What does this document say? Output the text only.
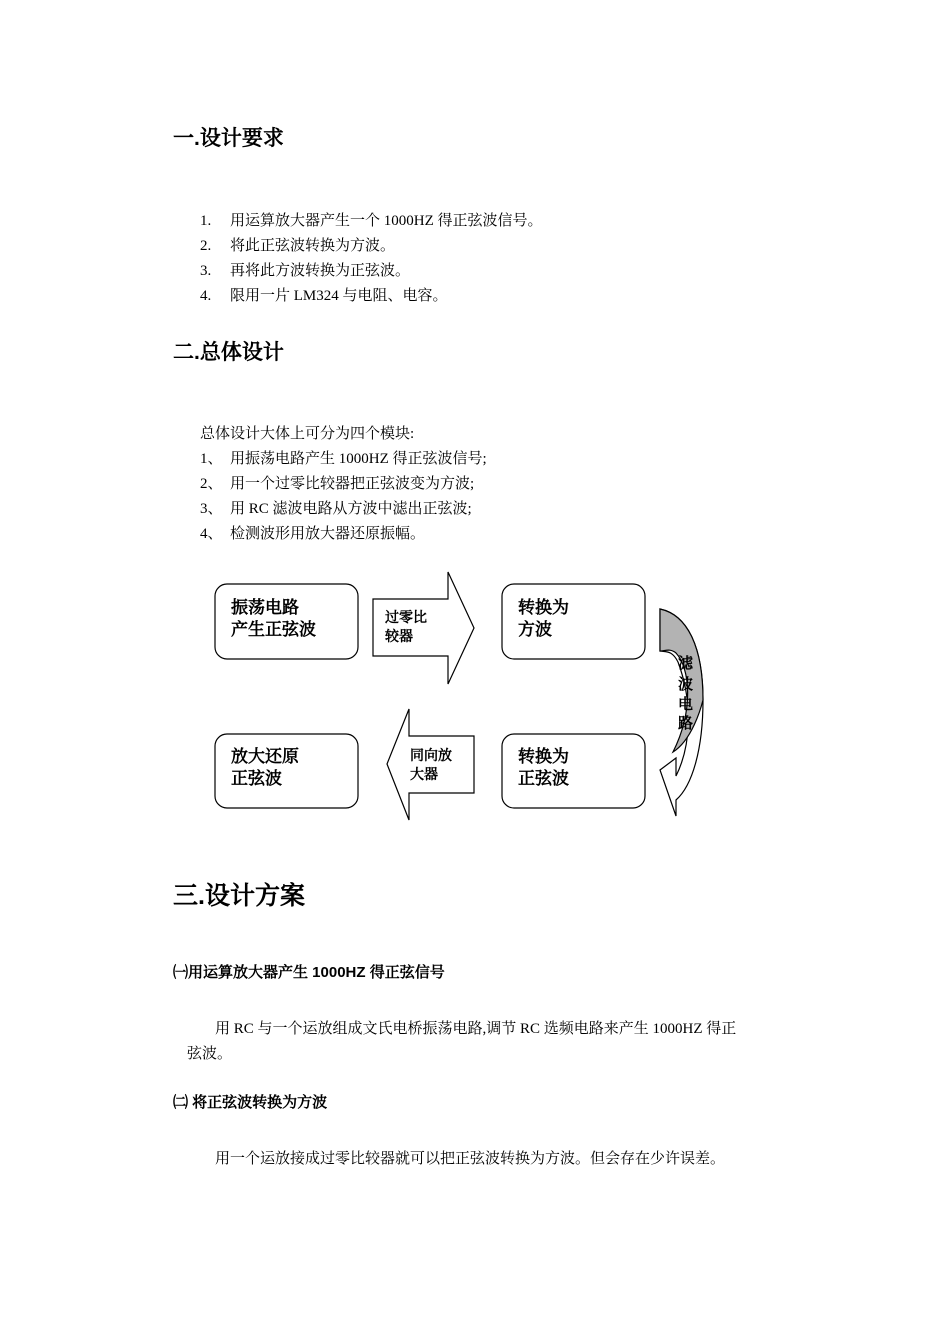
一.设计要求
1. 用运算放大器产生一个 1000HZ 得正弦波信号。
2. 将此正弦波转换为方波。
3. 再将此方波转换为正弦波。
4. 限用一片 LM324 与电阻、电容。
二.总体设计

总体设计大体上可分为四个模块:

1、 用振荡电路产生 1000HZ 得正弦波信号;
2、 用一个过零比较器把正弦波变为方波;
3、 用 RC 滤波电路从方波中滤出正弦波;
4、 检测波形用放大器还原振幅。
振荡电路
产生正弦波
过零比
较器
转换为
方波
滤
波
电
路
转换为
正弦波
同向放
大器
放大还原
正弦波
三.设计方案
㈠用运算放大器产生 1000HZ 得正弦信号

用 RC 与一个运放组成文氏电桥振荡电路,调节 RC 选频电路来产生 1000HZ 得正

弦波。

㈡ 将正弦波转换为方波

用一个运放接成过零比较器就可以把正弦波转换为方波。但会存在少许误差。
